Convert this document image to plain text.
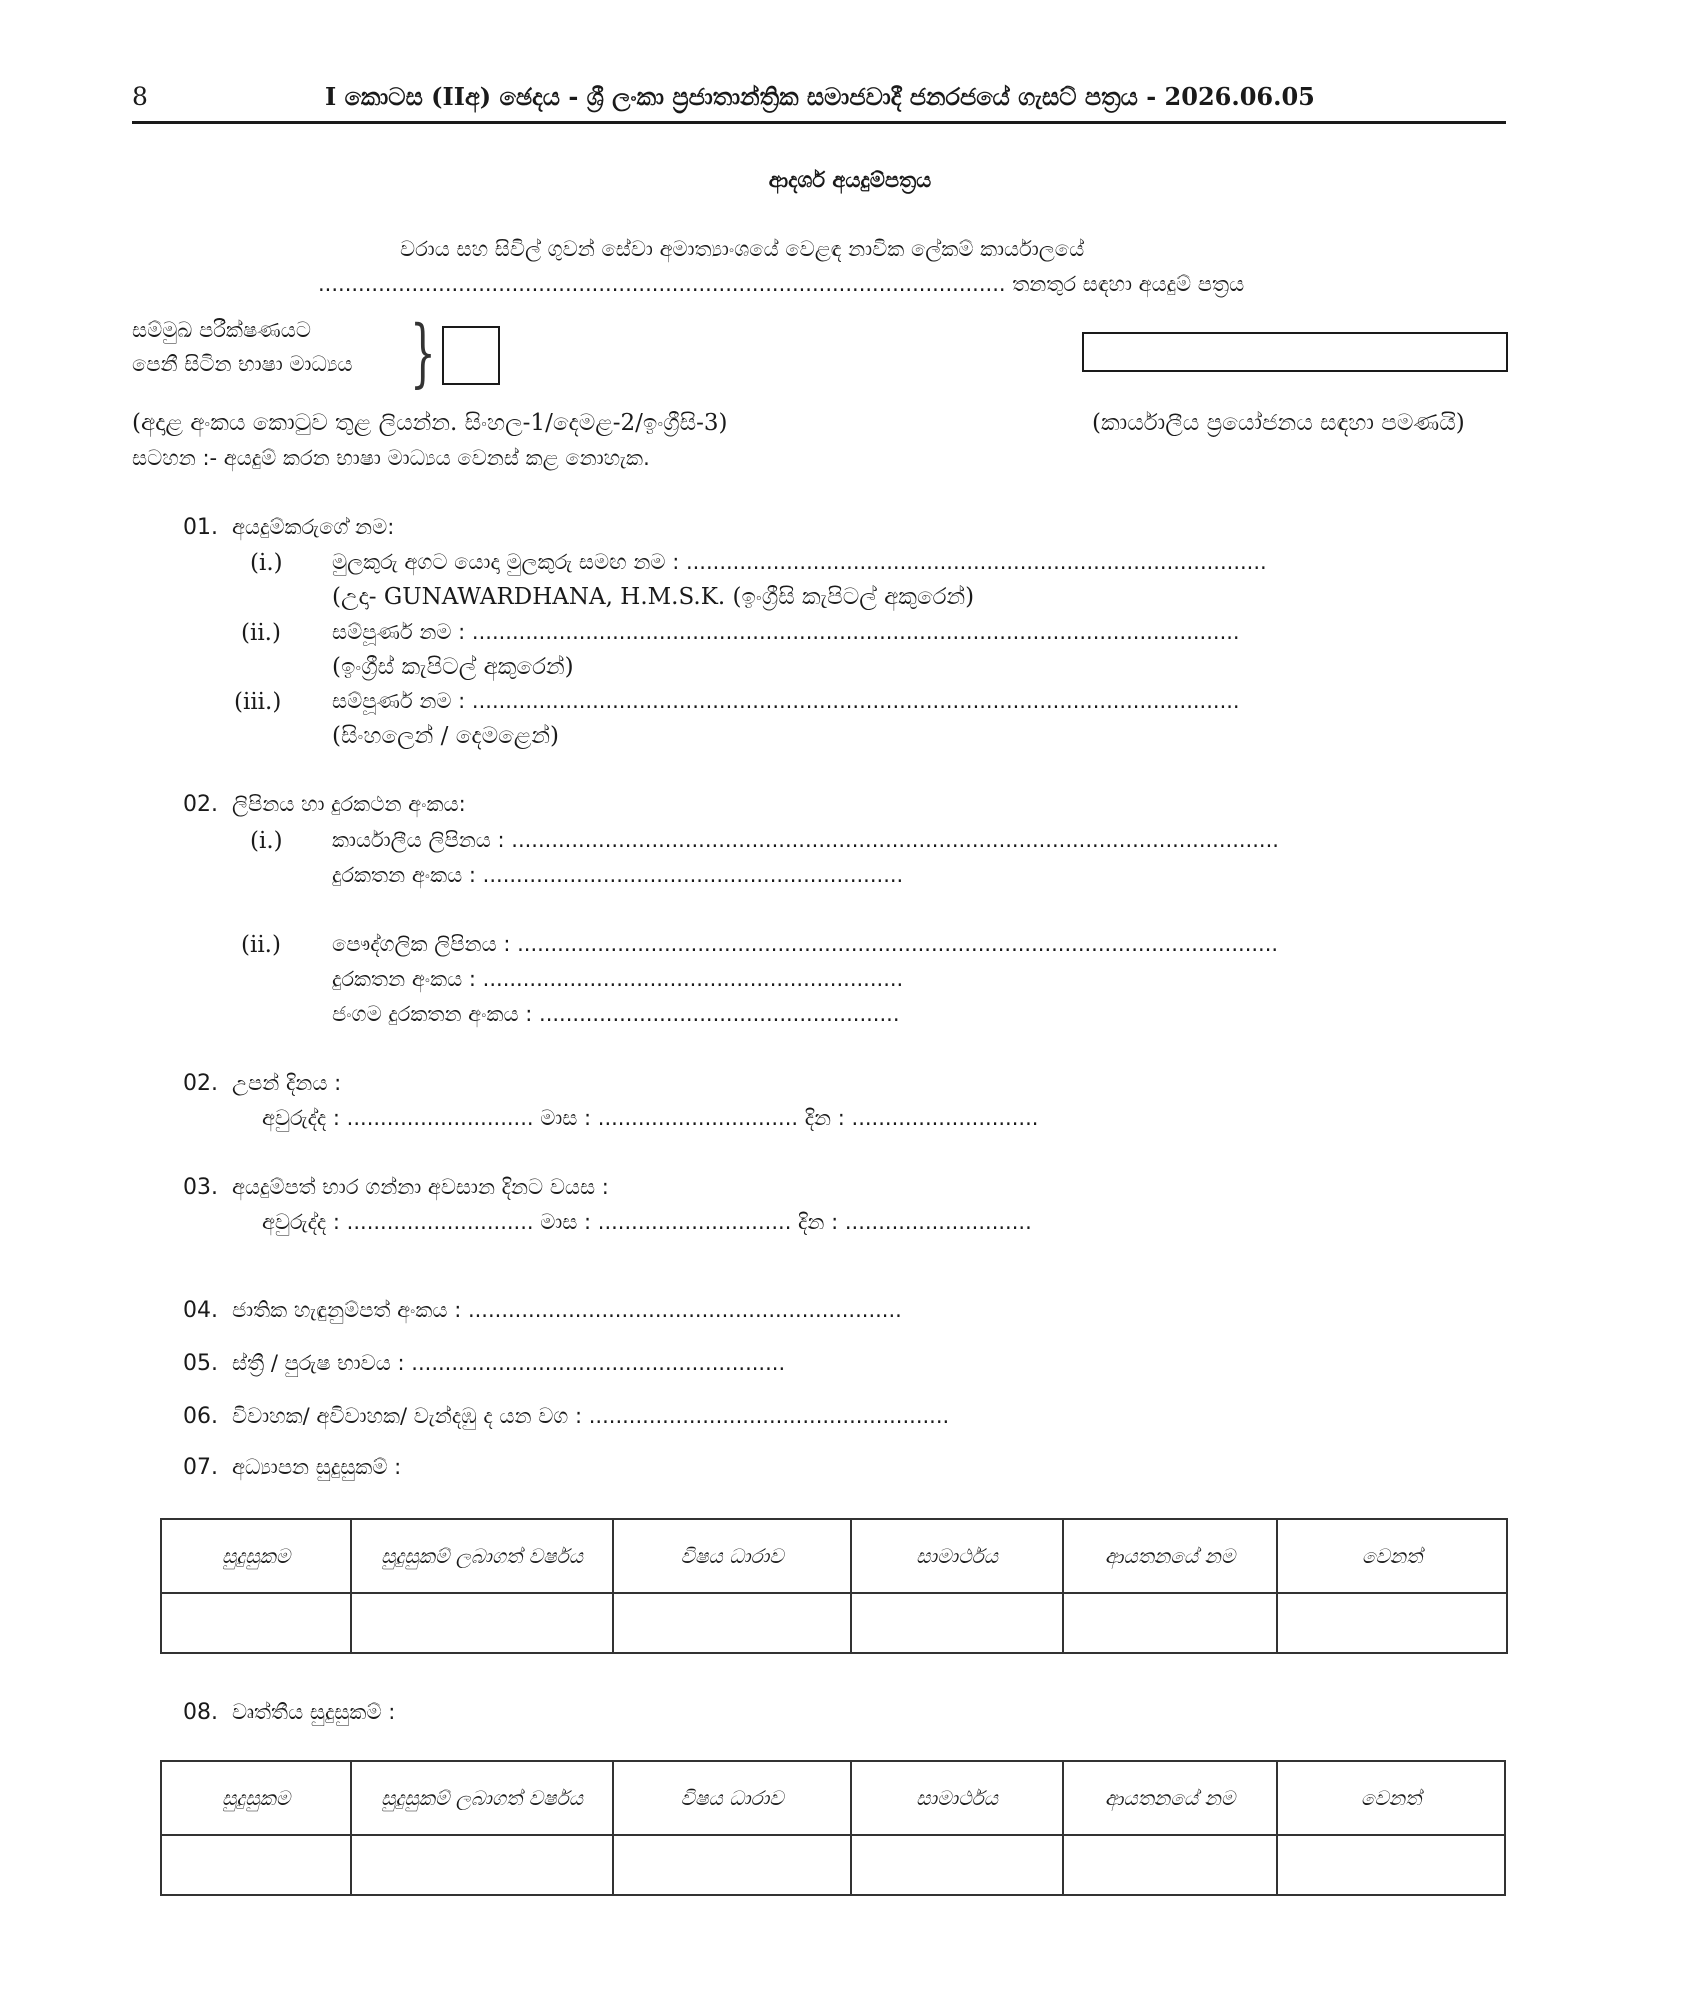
8	I කොටස (IIඅ) ඡෙදය - ශ්‍රී ලංකා ප්‍රජාතාන්ත්‍රික සමාජවාදී ජනරජයේ ගැසට් පත්‍රය - 2026.06.05
ආදර්ශ අයදුම්පත්‍රය
වරාය සහ සිවිල් ගුවන් සේවා අමාත්‍යාංශයේ වෙළඳ නාවික ලේකම් කාර්යාලයේ
....................................................................................................... තනතුර සඳහා අයදුම් පත්‍රය
සම්මුඛ පරීක්ෂණයට
පෙනී සිටින භාෂා මාධ්‍යය }
(අදාළ අංකය කොටුව තුළ ලියන්න. සිංහල-1/දෙමළ-2/ඉංග්‍රීසි-3)	(කාර්යාලීය ප්‍රයෝජනය සඳහා පමණයි)
සටහන :- අයදුම් කරන භාෂා මාධ්‍යය වෙනස් කළ නොහැක.
01. අයදුම්කරුගේ නම:
(i.) මුලකුරු අගට යොදා මුලකුරු සමඟ නම : .......................................................................................
(උදා- GUNAWARDHANA, H.M.S.K. (ඉංග්‍රීසි කැපිටල් අකුරෙන්)
(ii.) සම්පූර්ණ නම : ...................................................................................................................
(ඉංග්‍රීස් කැපිටල් අකුරෙන්)
(iii.) සම්පූර්ණ නම : ...................................................................................................................
(සිංහලෙන් / දෙමළෙන්)
02. ලිපිනය හා දුරකථන අංකය:
(i.) කාර්යාලීය ලිපිනය : ...................................................................................................................
දුරකතන අංකය : ...............................................................
(ii.) පෞද්ගලික ලිපිනය : ..................................................................................................................
දුරකතන අංකය : ...............................................................
ජංගම දුරකතන අංකය : ......................................................
02. උපන් දිනය :
අවුරුද්ද : ............................ මාස : .............................. දින : ............................
03. අයදුම්පත් භාර ගන්නා අවසාන දිනට වයස :
අවුරුද්ද : ............................ මාස : ............................. දින : ............................
04. ජාතික හැඳුනුම්පත් අංකය : .................................................................
05. ස්ත්‍රී / පුරුෂ භාවය : ........................................................
06. විවාහක/ අවිවාහක/ වැන්දඹු ද යන වග : ......................................................
07. අධ්‍යාපන සුදුසුකම් :
සුදුසුකම	සුදුසුකම් ලබාගත් වර්ෂය	විෂය ධාරාව	සාමාර්ථය	ආයතනයේ නම	වෙනත්

08. වෘත්තීය සුදුසුකම් :
සුදුසුකම	සුදුසුකම් ලබාගත් වර්ෂය	විෂය ධාරාව	සාමාර්ථය	ආයතනයේ නම	වෙනත්
